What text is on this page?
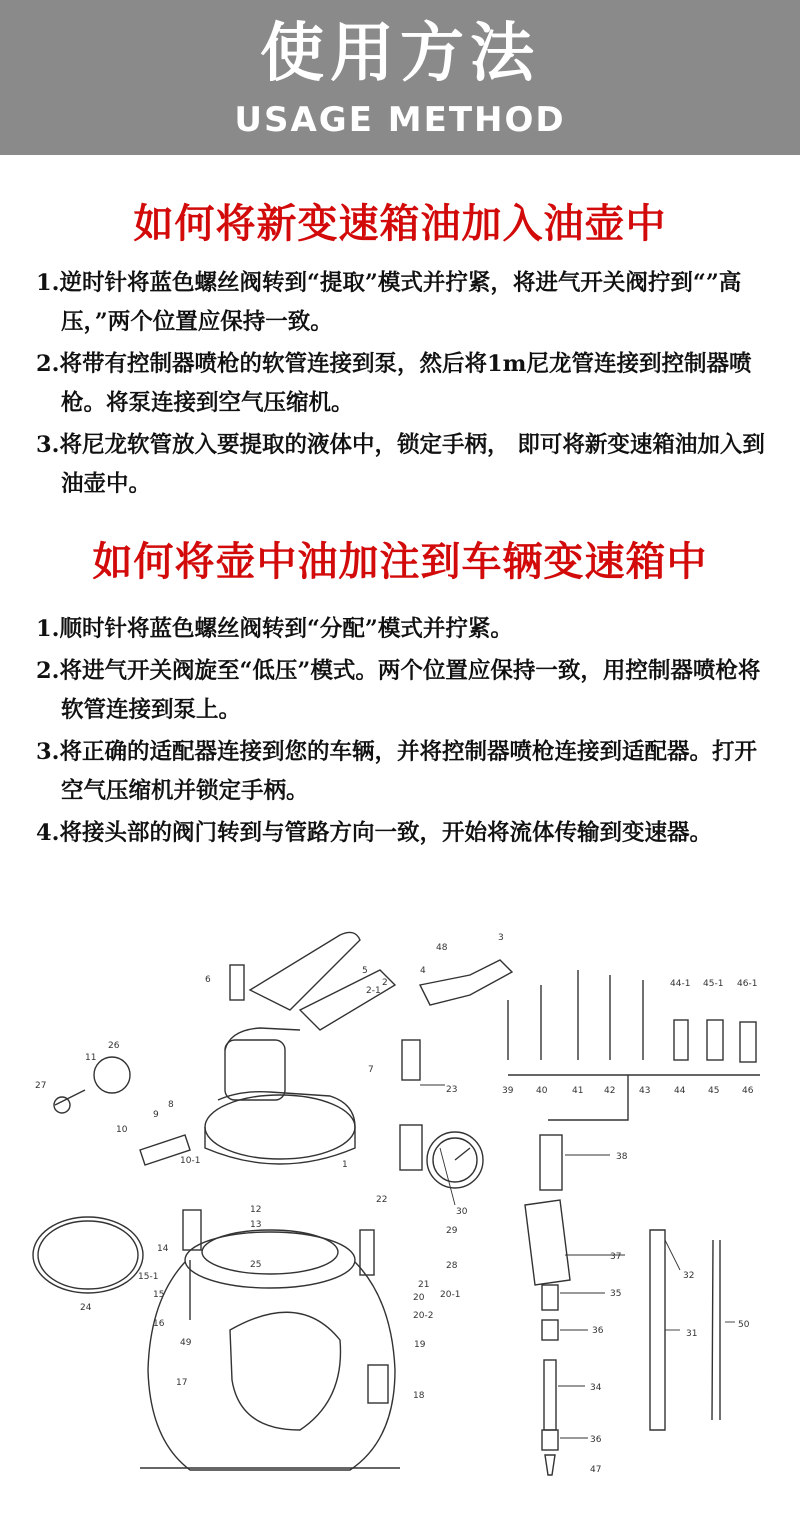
使用方法
USAGE METHOD
如何将新变速箱油加入油壶中
1.逆时针将蓝色螺丝阀转到“提取”模式并拧紧，将进气开关阀拧到“”高压，”两个位置应保持一致。
2.将带有控制器喷枪的软管连接到泵，然后将1m尼龙管连接到控制器喷枪。将泵连接到空气压缩机。
3.将尼龙软管放入要提取的液体中，锁定手柄， 即可将新变速箱油加入到油壶中。
如何将壶中油加注到车辆变速箱中
1.顺时针将蓝色螺丝阀转到“分配”模式并拧紧。
2.将进气开关阀旋至“低压”模式。两个位置应保持一致，用控制器喷枪将软管连接到泵上。
3.将正确的适配器连接到您的车辆，并将控制器喷枪连接到适配器。打开空气压缩机并锁定手柄。
4.将接头部的阀门转到与管路方向一致，开始将流体传输到变速器。
1
3
4
5
6
7
8
9
10
10-1
11
12
13
14
15
15-1
16
17
18
19
20 20-1
20-2
21
22
23
24
25
26
27
28
29
30
31
32
34
35
36
36
37
38
39	40	41 42	43	44
44-1
45
45-1
46
46-1
47
48
49
50
2-1
2
